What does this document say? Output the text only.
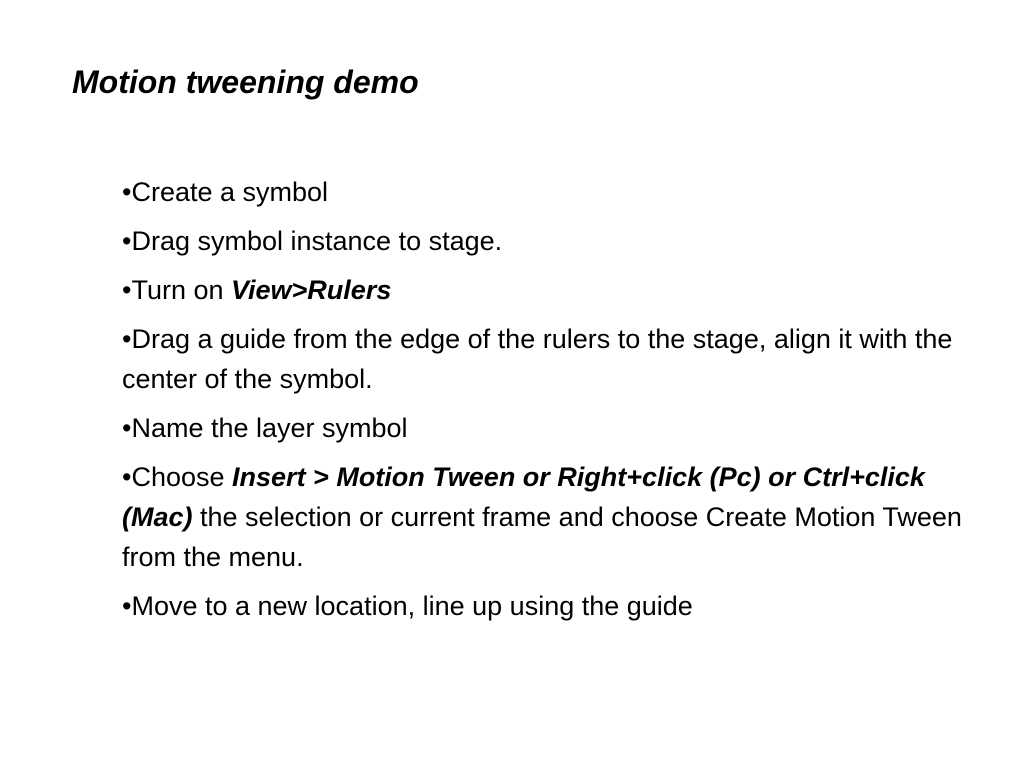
Motion tweening demo
•Create a symbol
•Drag symbol instance to stage.
•Turn on View>Rulers
•Drag a guide from the edge of the rulers to the stage, align it with the center of the symbol.
•Name the layer symbol
•Choose Insert > Motion Tween or Right+click (Pc) or Ctrl+click (Mac) the selection or current frame and choose Create Motion Tween from the menu.
•Move to a new location, line up using the guide
